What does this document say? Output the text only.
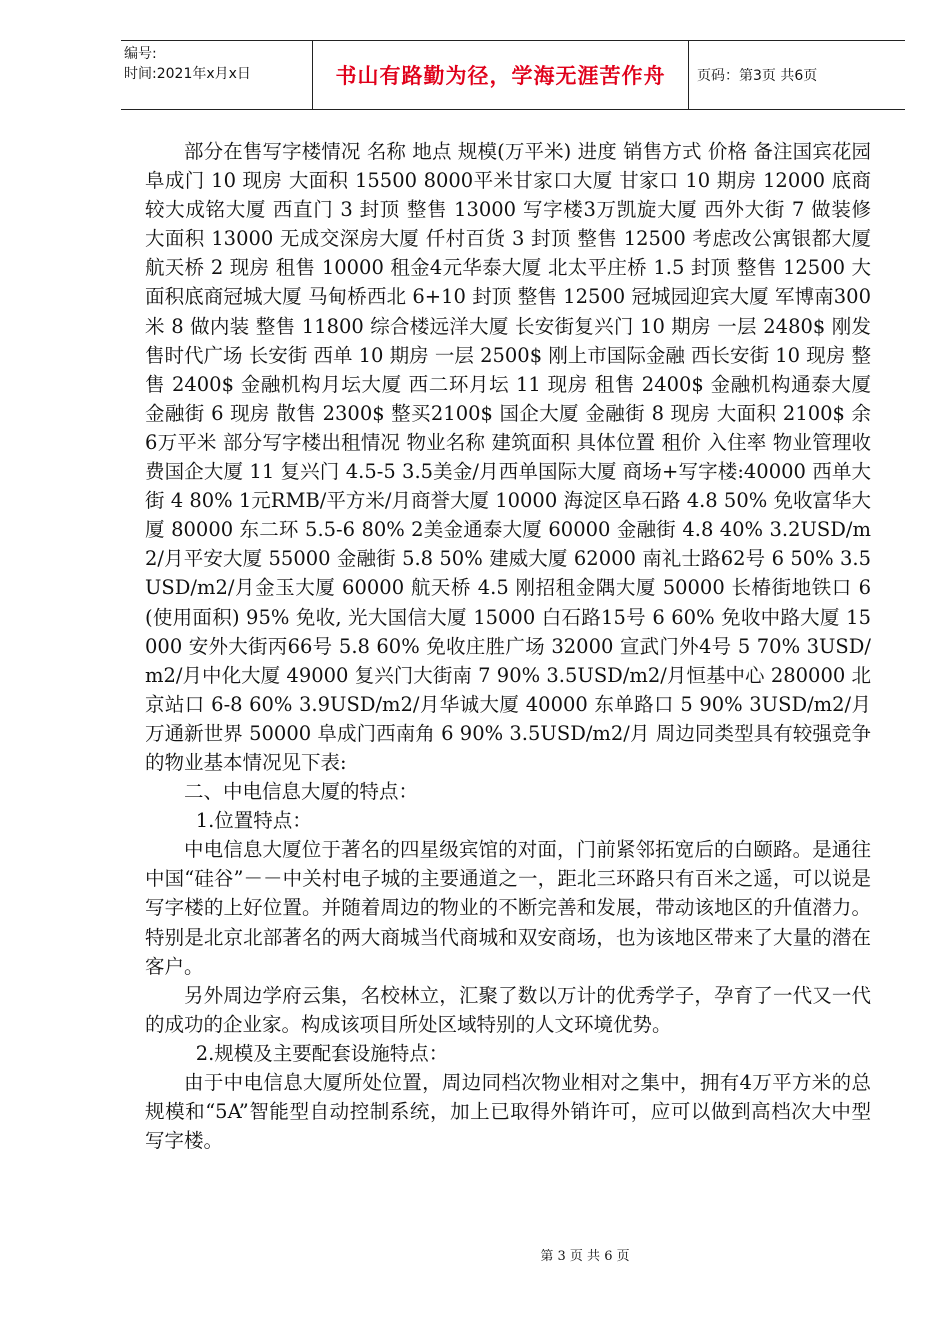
编号:
时间:2021年x月x日	书山有路勤为径，学海无涯苦作舟	页码：第3页 共6页

部分在售写字楼情况 名称 地点 规模(万平米) 进度 销售方式 价格 备注国宾花园 阜成门 10 现房 大面积 15500 8000平米甘家口大厦 甘家口 10 期房 12000 底商较大成铭大厦 西直门 3 封顶 整售 13000 写字楼3万凯旋大厦 西外大街 7 做装修 大面积 13000 无成交深房大厦 仟村百货 3 封顶 整售 12500 考虑改公寓银都大厦 航天桥 2 现房 租售 10000 租金4元华泰大厦 北太平庄桥 1.5 封顶 整售 12500 大面积底商冠城大厦 马甸桥西北 6+10 封顶 整售 12500 冠城园迎宾大厦 军博南300米 8 做内装 整售 11800 综合楼远洋大厦 长安街复兴门 10 期房 一层 2480$ 刚发售时代广场 长安街 西单 10 期房 一层 2500$ 刚上市国际金融 西长安街 10 现房 整售 2400$ 金融机构月坛大厦 西二环月坛 11 现房 租售 2400$ 金融机构通泰大厦 金融街 6 现房 散售 2300$ 整买2100$ 国企大厦 金融街 8 现房 大面积 2100$ 余6万平米 部分写字楼出租情况 物业名称 建筑面积 具体位置 租价 入住率 物业管理收费国企大厦 11 复兴门 4.5-5 3.5美金/月西单国际大厦 商场+写字楼:40000 西单大街 4 80% 1元RMB/平方米/月商誉大厦 10000 海淀区阜石路 4.8 50% 免收富华大厦 80000 东二环 5.5-6 80% 2美金通泰大厦 60000 金融街 4.8 40% 3.2USD/m2/月平安大厦 55000 金融街 5.8 50% 建威大厦 62000 南礼士路62号 6 50% 3.5USD/m2/月金玉大厦 60000 航天桥 4.5 刚招租金隅大厦 50000 长椿街地铁口 6(使用面积) 95% 免收, 光大国信大厦 15000 白石路15号 6 60% 免收中路大厦 15000 安外大街丙66号 5.8 60% 免收庄胜广场 32000 宣武门外4号 5 70% 3USD/m2/月中化大厦 49000 复兴门大街南 7 90% 3.5USD/m2/月恒基中心 280000 北京站口 6-8 60% 3.9USD/m2/月华诚大厦 40000 东单路口 5 90% 3USD/m2/月万通新世界 50000 阜成门西南角 6 90% 3.5USD/m2/月 周边同类型具有较强竞争的物业基本情况见下表:

二、中电信息大厦的特点：

1.位置特点：

中电信息大厦位于著名的四星级宾馆的对面，门前紧邻拓宽后的白颐路。是通往中国“硅谷”－－中关村电子城的主要通道之一，距北三环路只有百米之遥，可以说是写字楼的上好位置。并随着周边的物业的不断完善和发展，带动该地区的升值潜力。特别是北京北部著名的两大商城当代商城和双安商场，也为该地区带来了大量的潜在客户。

另外周边学府云集，名校林立，汇聚了数以万计的优秀学子，孕育了一代又一代的成功的企业家。构成该项目所处区域特别的人文环境优势。

2.规模及主要配套设施特点：

由于中电信息大厦所处位置，周边同档次物业相对之集中，拥有4万平方米的总规模和“5A”智能型自动控制系统，加上已取得外销许可，应可以做到高档次大中型写字楼。

第 3 页 共 6 页
